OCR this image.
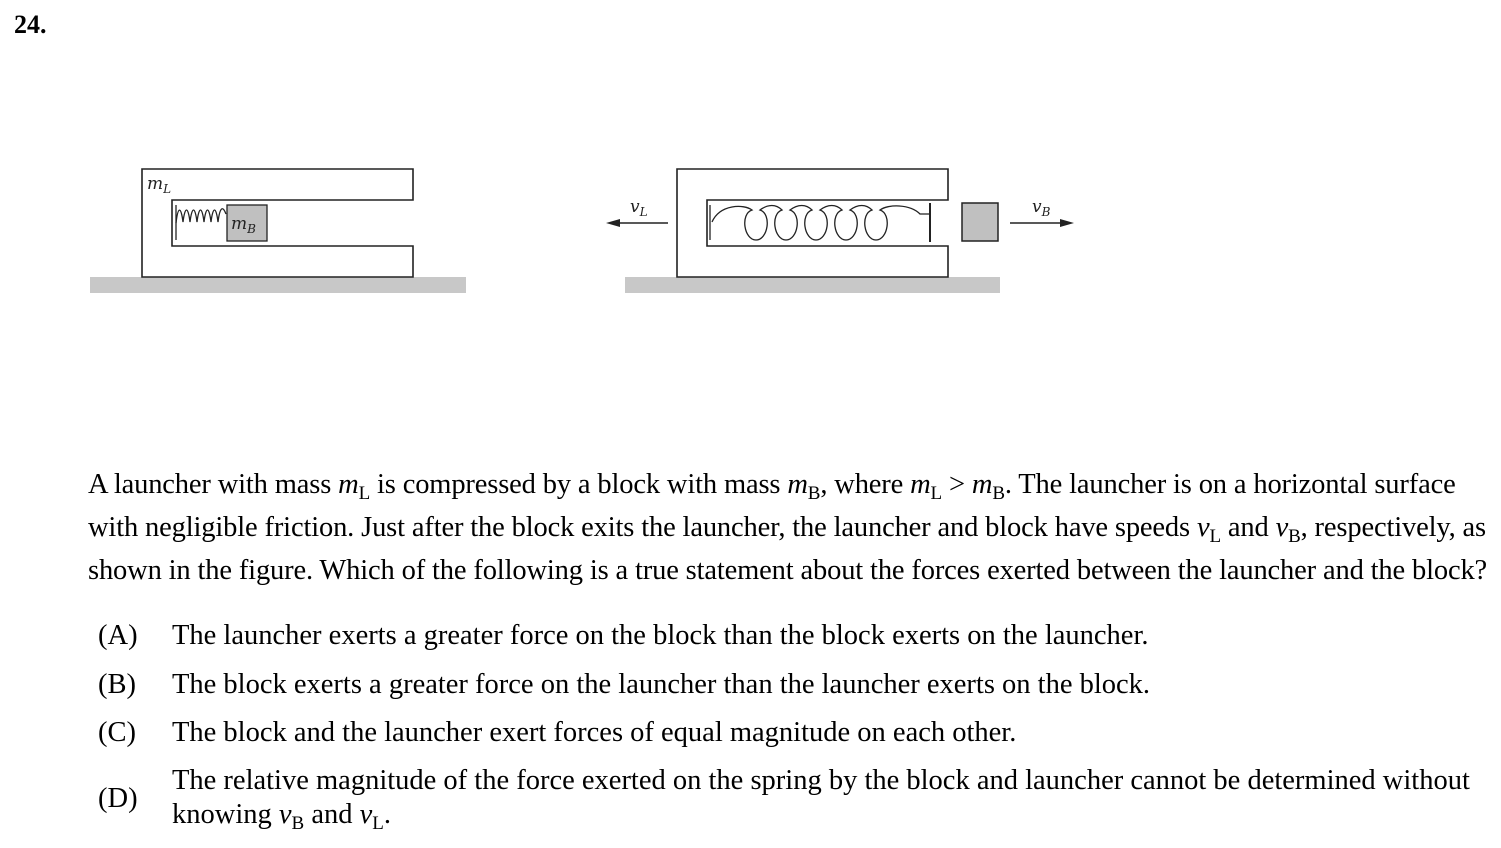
24.
$m_L$
$m_B$
$v_L$	$v_B$
A launcher with mass $m_L$ is compressed by a block with mass $m_B$, where $m_L > m_B$. The launcher is on a horizontal surface with negligible friction. Just after the block exits the launcher, the launcher and block have speeds $v_L$ and $v_B$, respectively, as shown in the figure. Which of the following is a true statement about the forces exerted between the launcher and the block?
(A) The launcher exerts a greater force on the block than the block exerts on the launcher.
(B) The block exerts a greater force on the launcher than the launcher exerts on the block.
(C) The block and the launcher exert forces of equal magnitude on each other.
(D)
The relative magnitude of the force exerted on the spring by the block and launcher cannot be determined without knowing $v_B$ and $v_L$.
